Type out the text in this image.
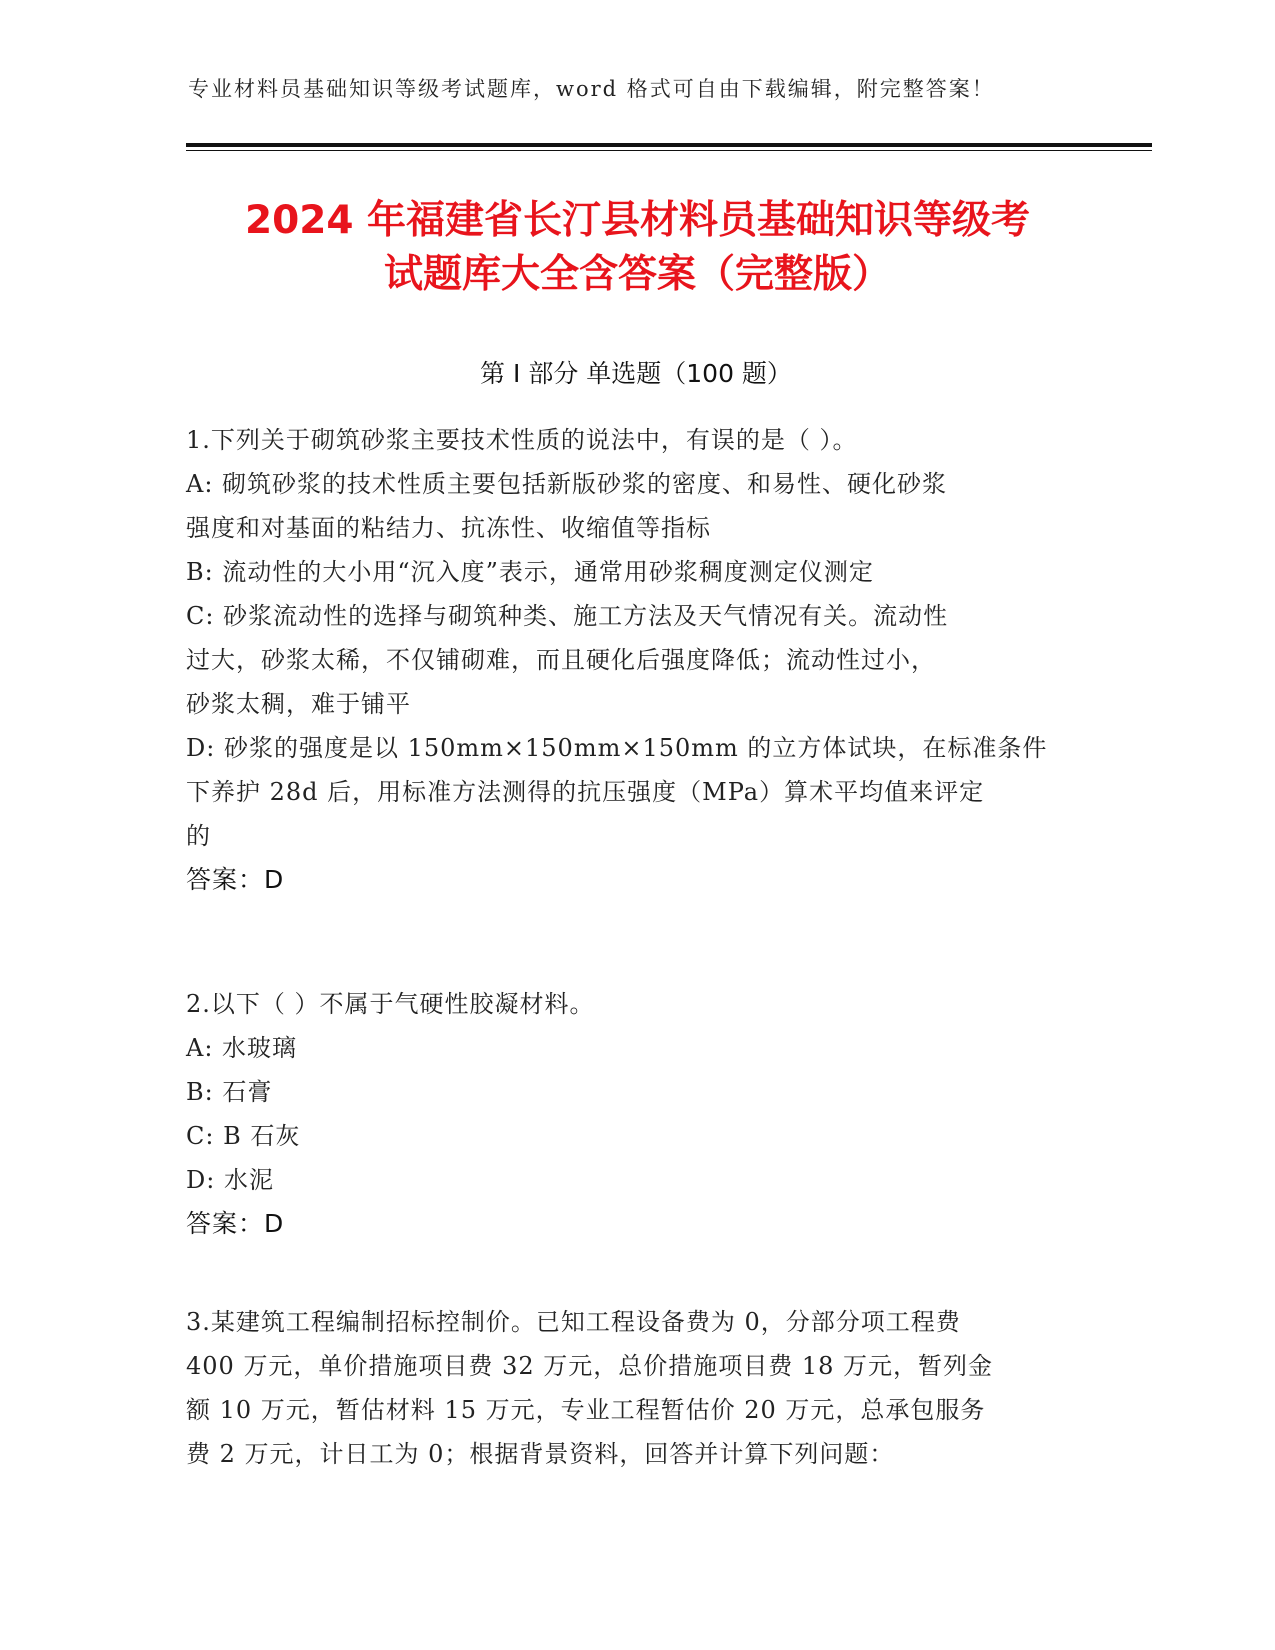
专业材料员基础知识等级考试题库，word 格式可自由下载编辑，附完整答案！
2024 年福建省长汀县材料员基础知识等级考
试题库大全含答案（完整版）
第 I 部分 单选题（100 题）
1.下列关于砌筑砂浆主要技术性质的说法中，有误的是（ ）。
A: 砌筑砂浆的技术性质主要包括新版砂浆的密度、和易性、硬化砂浆
强度和对基面的粘结力、抗冻性、收缩值等指标
B: 流动性的大小用“沉入度”表示，通常用砂浆稠度测定仪测定
C: 砂浆流动性的选择与砌筑种类、施工方法及天气情况有关。流动性
过大，砂浆太稀，不仅铺砌难，而且硬化后强度降低；流动性过小，
砂浆太稠，难于铺平
D: 砂浆的强度是以 150mm×150mm×150mm 的立方体试块，在标准条件
下养护 28d 后，用标准方法测得的抗压强度（MPa）算术平均值来评定
的
答案：D
2.以下（ ）不属于气硬性胶凝材料。
A: 水玻璃
B: 石膏
C: B 石灰
D: 水泥
答案：D
3.某建筑工程编制招标控制价。已知工程设备费为 0，分部分项工程费
400 万元，单价措施项目费 32 万元，总价措施项目费 18 万元，暂列金
额 10 万元，暂估材料 15 万元，专业工程暂估价 20 万元，总承包服务
费 2 万元，计日工为 0；根据背景资料，回答并计算下列问题：
